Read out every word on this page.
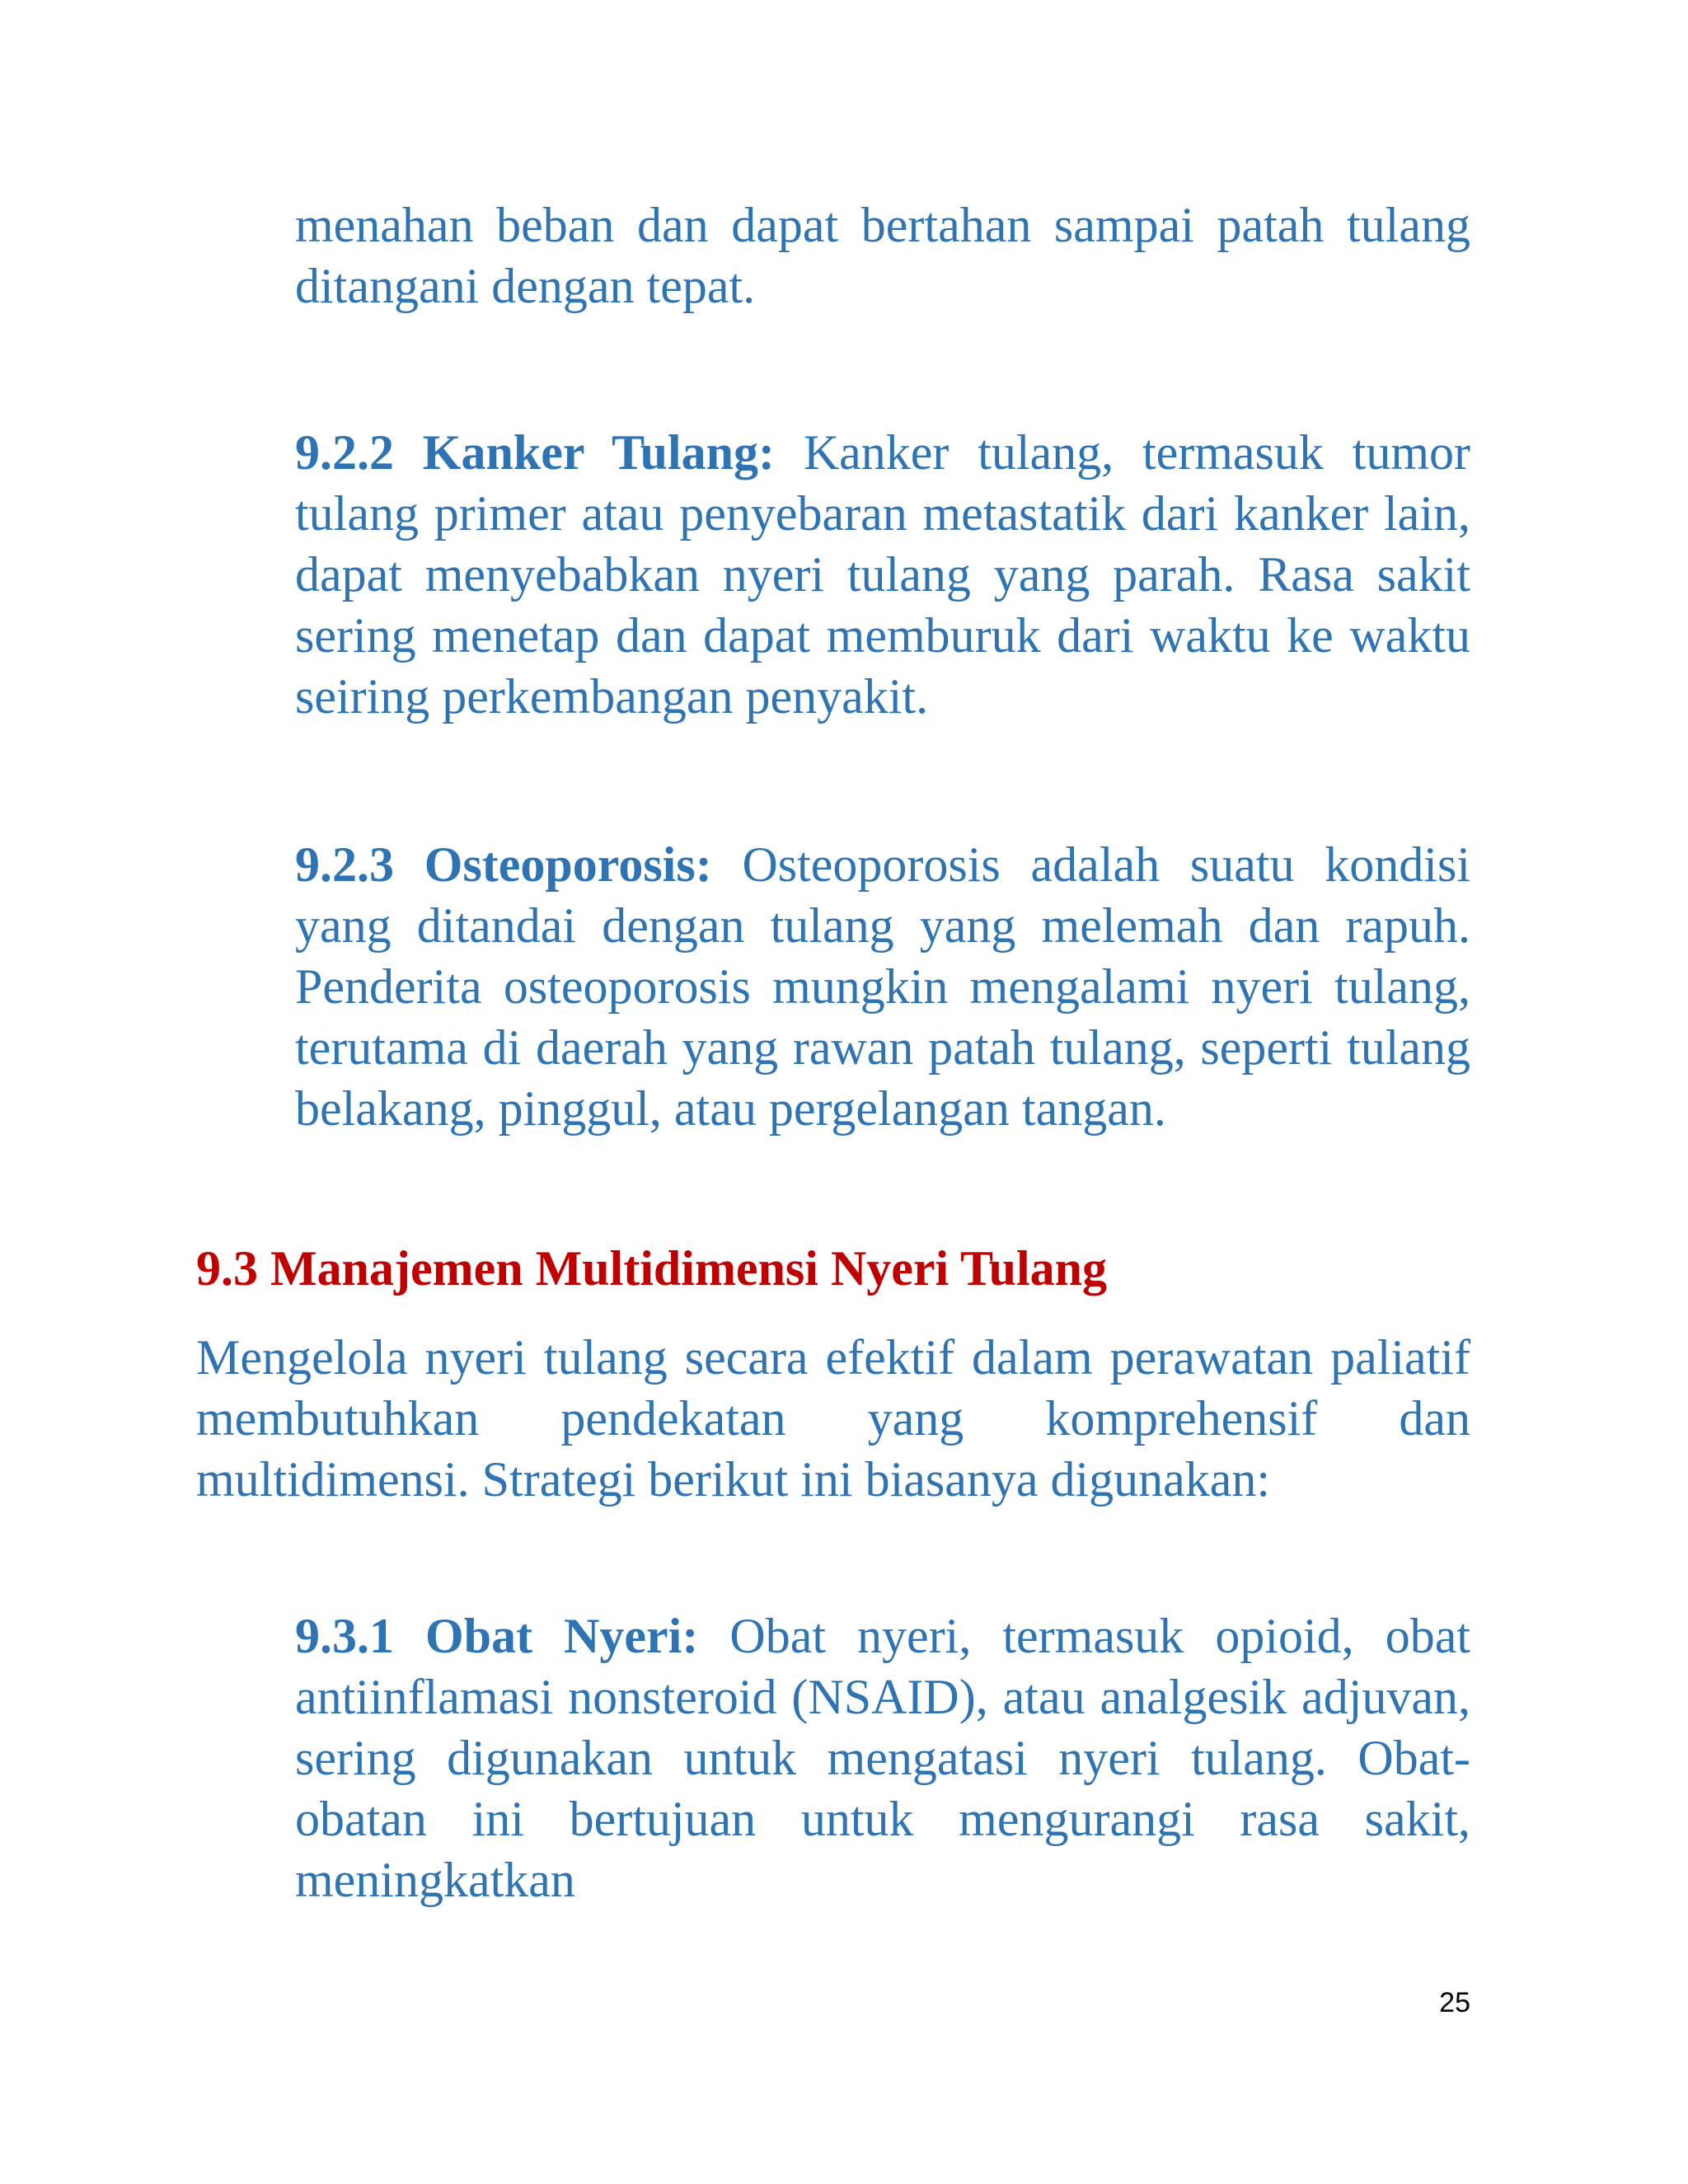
menahan beban dan dapat bertahan sampai patah tulang ditangani dengan tepat.

9.2.2 Kanker Tulang: Kanker tulang, termasuk tumor tulang primer atau penyebaran metastatik dari kanker lain, dapat menyebabkan nyeri tulang yang parah. Rasa sakit sering menetap dan dapat memburuk dari waktu ke waktu seiring perkembangan penyakit.

9.2.3 Osteoporosis: Osteoporosis adalah suatu kondisi yang ditandai dengan tulang yang melemah dan rapuh. Penderita osteoporosis mungkin mengalami nyeri tulang, terutama di daerah yang rawan patah tulang, seperti tulang belakang, pinggul, atau pergelangan tangan.

9.3 Manajemen Multidimensi Nyeri Tulang

Mengelola nyeri tulang secara efektif dalam perawatan paliatif membutuhkan pendekatan yang komprehensif dan multidimensi. Strategi berikut ini biasanya digunakan:

9.3.1 Obat Nyeri: Obat nyeri, termasuk opioid, obat antiinflamasi nonsteroid (NSAID), atau analgesik adjuvan, sering digunakan untuk mengatasi nyeri tulang. Obat-obatan ini bertujuan untuk mengurangi rasa sakit, meningkatkan

25
